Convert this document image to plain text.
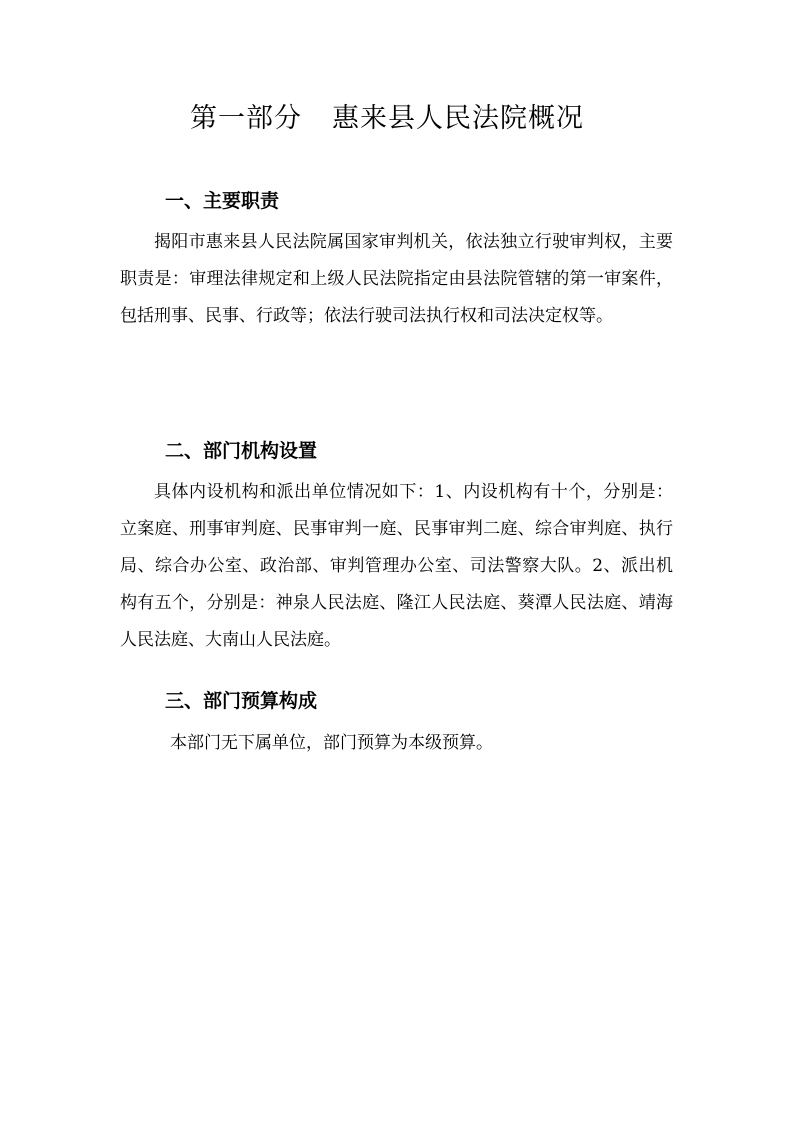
第一部分 惠来县人民法院概况
一、主要职责
揭阳市惠来县人民法院属国家审判机关，依法独立行驶审判权，主要职责是：审理法律规定和上级人民法院指定由县法院管辖的第一审案件，包括刑事、民事、行政等；依法行驶司法执行权和司法决定权等。
二、部门机构设置
具体内设机构和派出单位情况如下：1、内设机构有十个，分别是：立案庭、刑事审判庭、民事审判一庭、民事审判二庭、综合审判庭、执行局、综合办公室、政治部、审判管理办公室、司法警察大队。2、派出机构有五个，分别是：神泉人民法庭、隆江人民法庭、葵潭人民法庭、靖海人民法庭、大南山人民法庭。
三、部门预算构成
本部门无下属单位，部门预算为本级预算。
